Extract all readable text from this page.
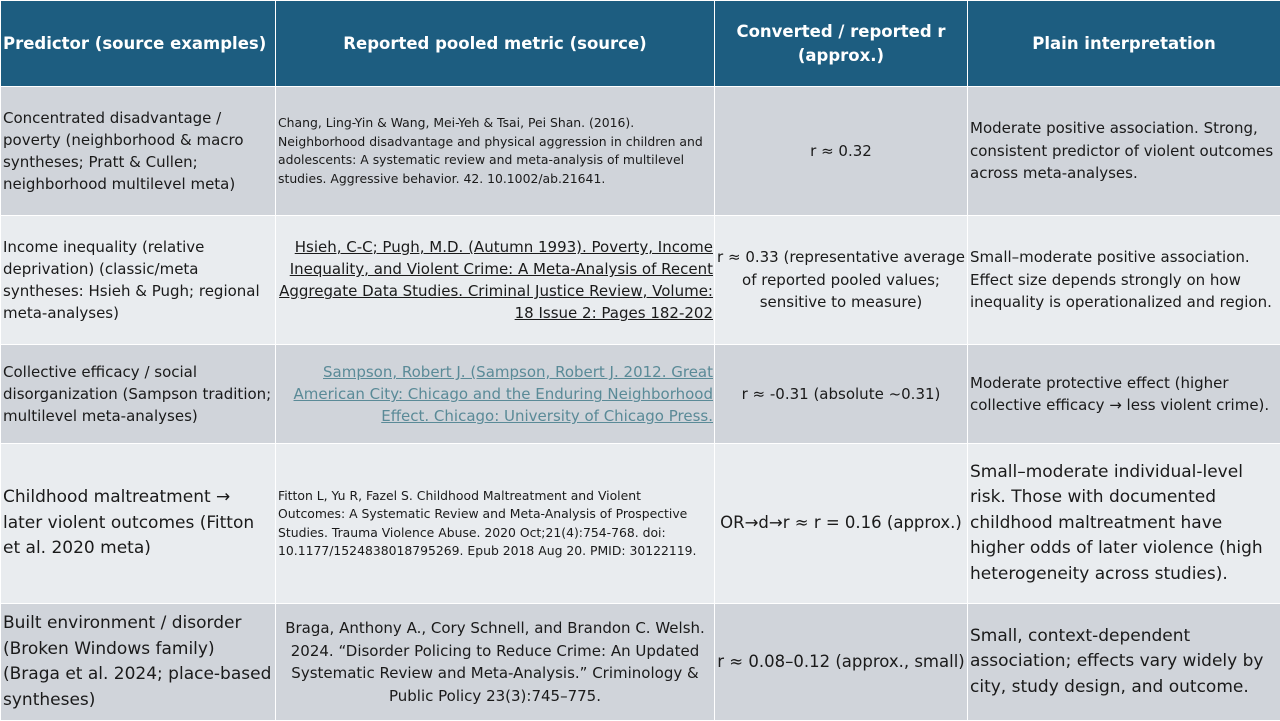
Predictor (source examples)	Reported pooled metric (source)	Converted / reported r (approx.)	Plain interpretation
Concentrated disadvantage / poverty (neighborhood & macro syntheses; Pratt & Cullen; neighborhood multilevel meta)	Chang, Ling-Yin & Wang, Mei-Yeh & Tsai, Pei Shan. (2016). Neighborhood disadvantage and physical aggression in children and adolescents: A systematic review and meta-analysis of multilevel studies. Aggressive behavior. 42. 10.1002/ab.21641.	r ≈ 0.32	Moderate positive association. Strong, consistent predictor of violent outcomes across meta-analyses.
Income inequality (relative deprivation) (classic/meta syntheses: Hsieh & Pugh; regional meta-analyses)	Hsieh, C-C; Pugh, M.D. (Autumn 1993). Poverty, Income Inequality, and Violent Crime: A Meta-Analysis of Recent Aggregate Data Studies. Criminal Justice Review, Volume: 18 Issue 2: Pages 182-202	r ≈ 0.33 (representative average of reported pooled values; sensitive to measure)	Small–moderate positive association. Effect size depends strongly on how inequality is operationalized and region.
Collective efficacy / social disorganization (Sampson tradition; multilevel meta-analyses)	Sampson, Robert J. (Sampson, Robert J. 2012. Great American City: Chicago and the Enduring Neighborhood Effect. Chicago: University of Chicago Press.	r ≈ -0.31 (absolute ~0.31)	Moderate protective effect (higher collective efficacy → less violent crime).
Childhood maltreatment → later violent outcomes (Fitton et al. 2020 meta)	Fitton L, Yu R, Fazel S. Childhood Maltreatment and Violent Outcomes: A Systematic Review and Meta-Analysis of Prospective Studies. Trauma Violence Abuse. 2020 Oct;21(4):754-768. doi: 10.1177/1524838018795269. Epub 2018 Aug 20. PMID: 30122119.	OR→d→r ≈ r = 0.16 (approx.)	Small–moderate individual-level risk. Those with documented childhood maltreatment have higher odds of later violence (high heterogeneity across studies).
Built environment / disorder (Broken Windows family) (Braga et al. 2024; place-based syntheses)	Braga, Anthony A., Cory Schnell, and Brandon C. Welsh. 2024. “Disorder Policing to Reduce Crime: An Updated Systematic Review and Meta-Analysis.” Criminology & Public Policy 23(3):745–775.	r ≈ 0.08–0.12 (approx., small)	Small, context-dependent association; effects vary widely by city, study design, and outcome.
